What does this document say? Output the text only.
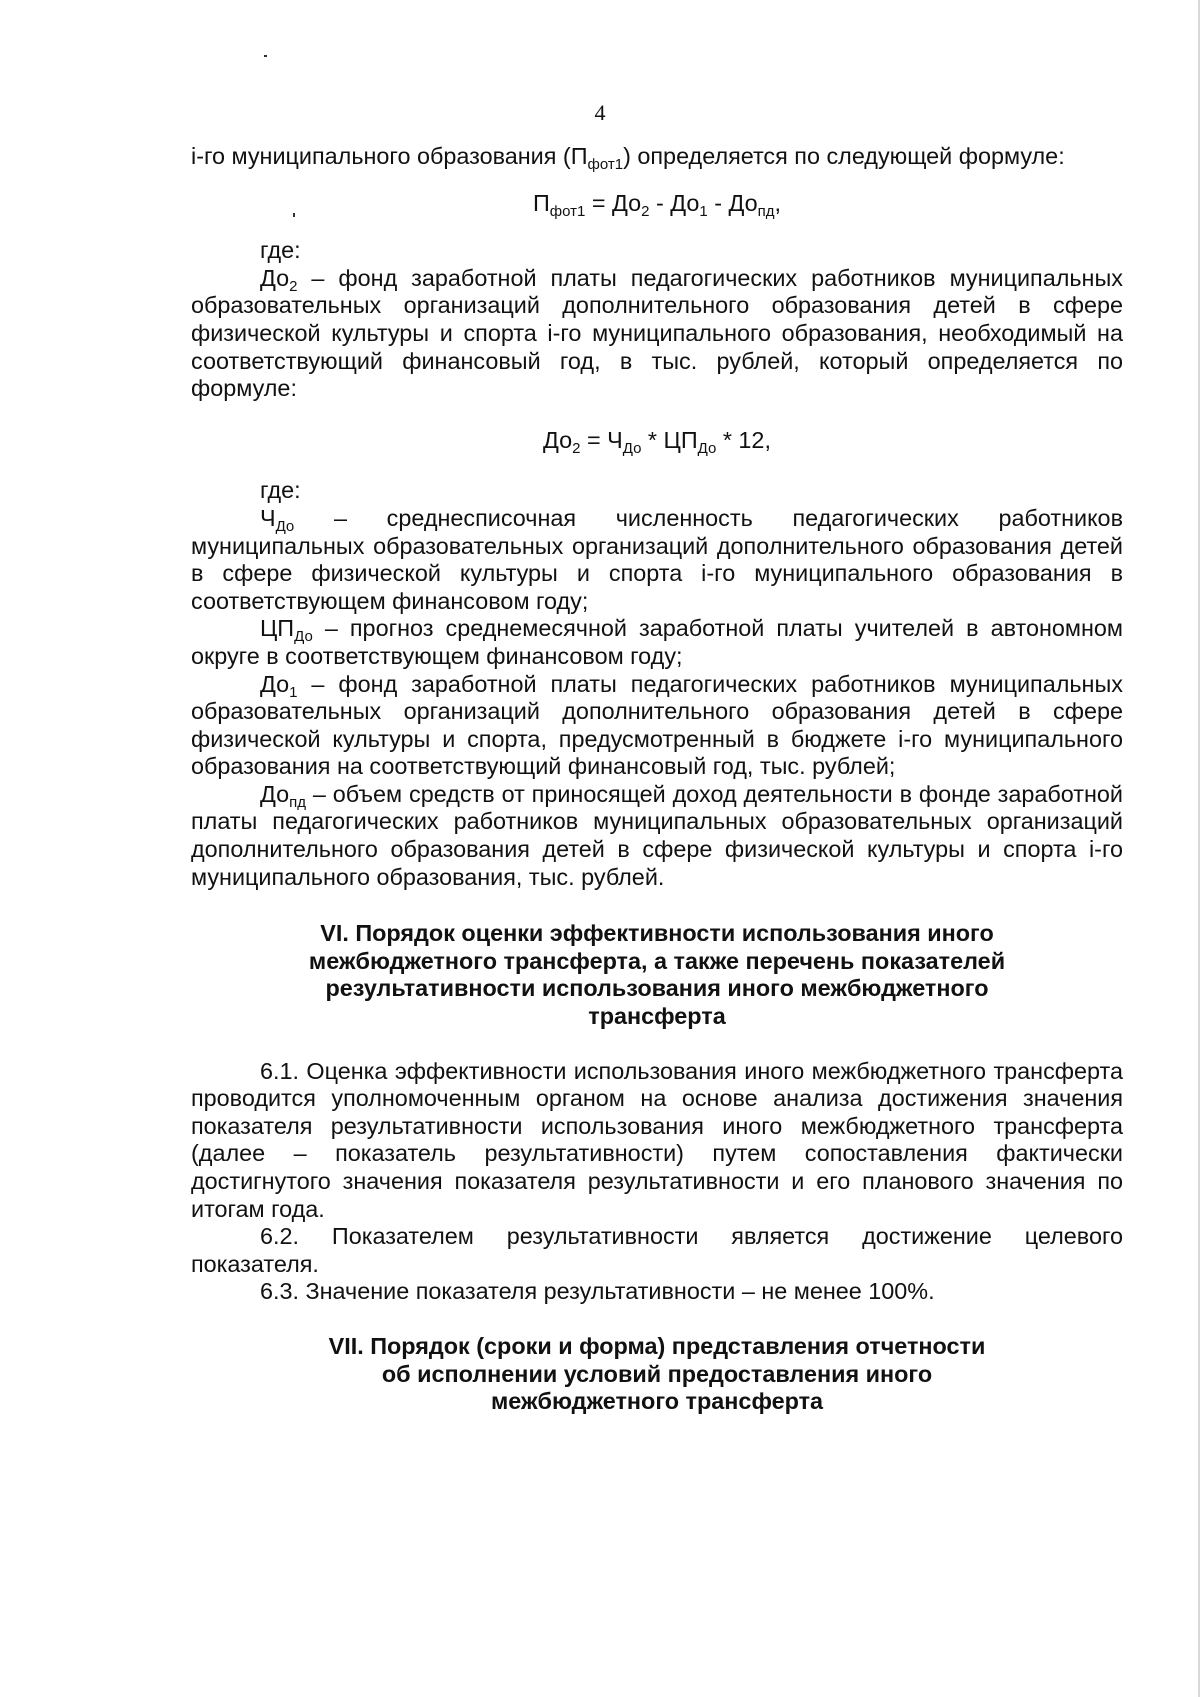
4

i-го муниципального образования $(П_{фот1})$ определяется по следующей формуле:

$П_{фот1} = До_2 - До_1 - До_{пд}$,

где:

$До_2$ – фонд заработной платы педагогических работников муниципальных образовательных организаций дополнительного образования детей в сфере физической культуры и спорта i-го муниципального образования, необходимый на соответствующий финансовый год, в тыс. рублей, который определяется по формуле:

$До_2 = Ч_{До} * ЦП_{До} * 12$,

где:

$Ч_{До}$ – среднесписочная численность педагогических работников муниципальных образовательных организаций дополнительного образования детей в сфере физической культуры и спорта i-го муниципального образования в соответствующем финансовом году;

$ЦП_{До}$ – прогноз среднемесячной заработной платы учителей в автономном округе в соответствующем финансовом году;

$До_1$ – фонд заработной платы педагогических работников муниципальных образовательных организаций дополнительного образования детей в сфере физической культуры и спорта, предусмотренный в бюджете i-го муниципального образования на соответствующий финансовый год, тыс. рублей;

$До_{пд}$ – объем средств от приносящей доход деятельности в фонде заработной платы педагогических работников муниципальных образовательных организаций дополнительного образования детей в сфере физической культуры и спорта i-го муниципального образования, тыс. рублей.

VI. Порядок оценки эффективности использования иного
межбюджетного трансферта, а также перечень показателей
результативности использования иного межбюджетного
трансферта

6.1. Оценка эффективности использования иного межбюджетного трансферта проводится уполномоченным органом на основе анализа достижения значения показателя результативности использования иного межбюджетного трансферта (далее – показатель результативности) путем сопоставления фактически достигнутого значения показателя результативности и его планового значения по итогам года.

6.2. Показателем результативности является достижение целевого показателя.

6.3. Значение показателя результативности – не менее 100%.

VII. Порядок (сроки и форма) представления отчетности
об исполнении условий предоставления иного
межбюджетного трансферта
